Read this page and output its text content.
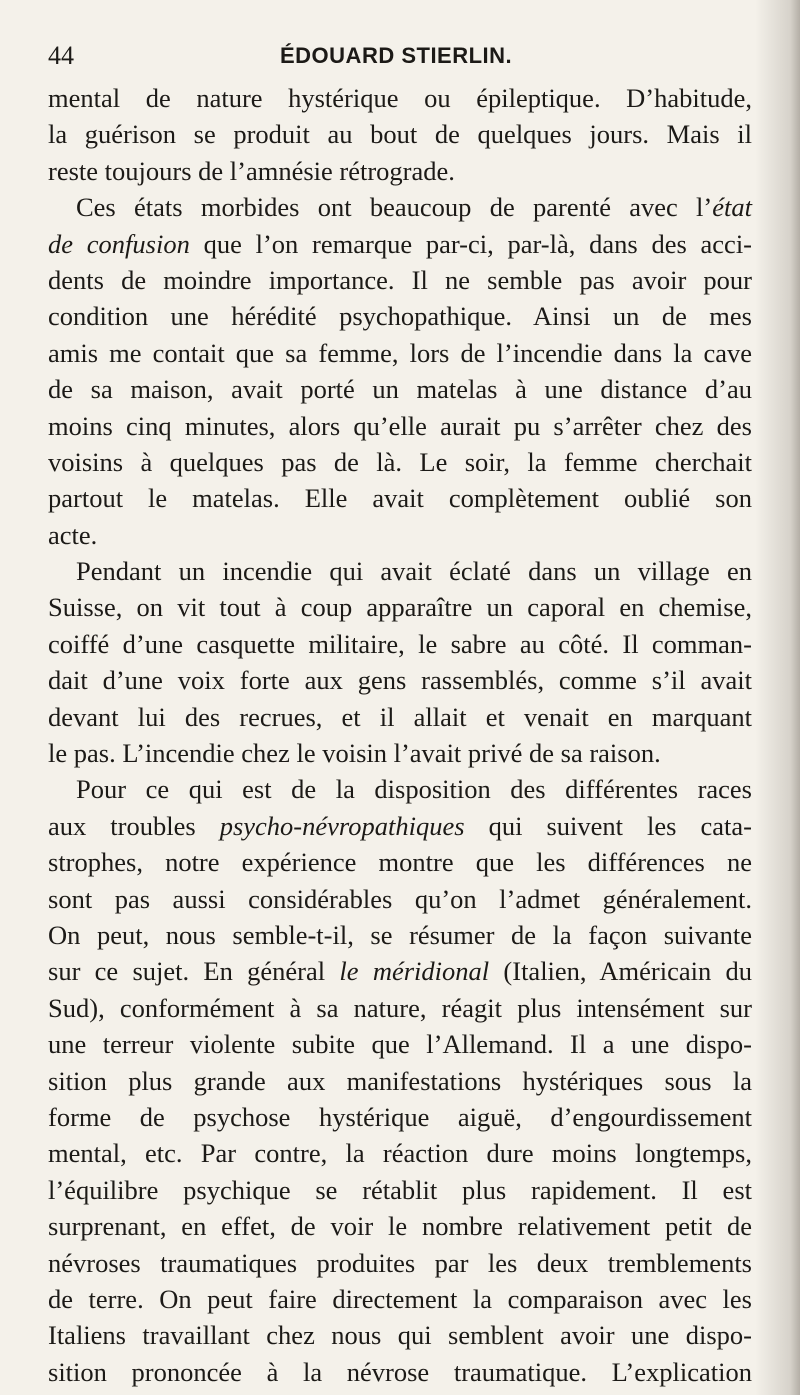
44	ÉDOUARD STIERLIN.
mental de nature hystérique ou épileptique. D’habitude,
la guérison se produit au bout de quelques jours. Mais il
reste toujours de l’amnésie rétrograde.
Ces états morbides ont beaucoup de parenté avec l’état
de confusion que l’on remarque par-ci, par-là, dans des acci-
dents de moindre importance. Il ne semble pas avoir pour
condition une hérédité psychopathique. Ainsi un de mes
amis me contait que sa femme, lors de l’incendie dans la cave
de sa maison, avait porté un matelas à une distance d’au
moins cinq minutes, alors qu’elle aurait pu s’arrêter chez des
voisins à quelques pas de là. Le soir, la femme cherchait
partout le matelas. Elle avait complètement oublié son
acte.
Pendant un incendie qui avait éclaté dans un village en
Suisse, on vit tout à coup apparaître un caporal en chemise,
coiffé d’une casquette militaire, le sabre au côté. Il comman-
dait d’une voix forte aux gens rassemblés, comme s’il avait
devant lui des recrues, et il allait et venait en marquant
le pas. L’incendie chez le voisin l’avait privé de sa raison.
Pour ce qui est de la disposition des différentes races
aux troubles psycho-névropathiques qui suivent les cata-
strophes, notre expérience montre que les différences ne
sont pas aussi considérables qu’on l’admet généralement.
On peut, nous semble-t-il, se résumer de la façon suivante
sur ce sujet. En général le méridional (Italien, Américain du
Sud), conformément à sa nature, réagit plus intensément sur
une terreur violente subite que l’Allemand. Il a une dispo-
sition plus grande aux manifestations hystériques sous la
forme de psychose hystérique aiguë, d’engourdissement
mental, etc. Par contre, la réaction dure moins longtemps,
l’équilibre psychique se rétablit plus rapidement. Il est
surprenant, en effet, de voir le nombre relativement petit de
névroses traumatiques produites par les deux tremblements
de terre. On peut faire directement la comparaison avec les
Italiens travaillant chez nous qui semblent avoir une dispo-
sition prononcée à la névrose traumatique. L’explication
